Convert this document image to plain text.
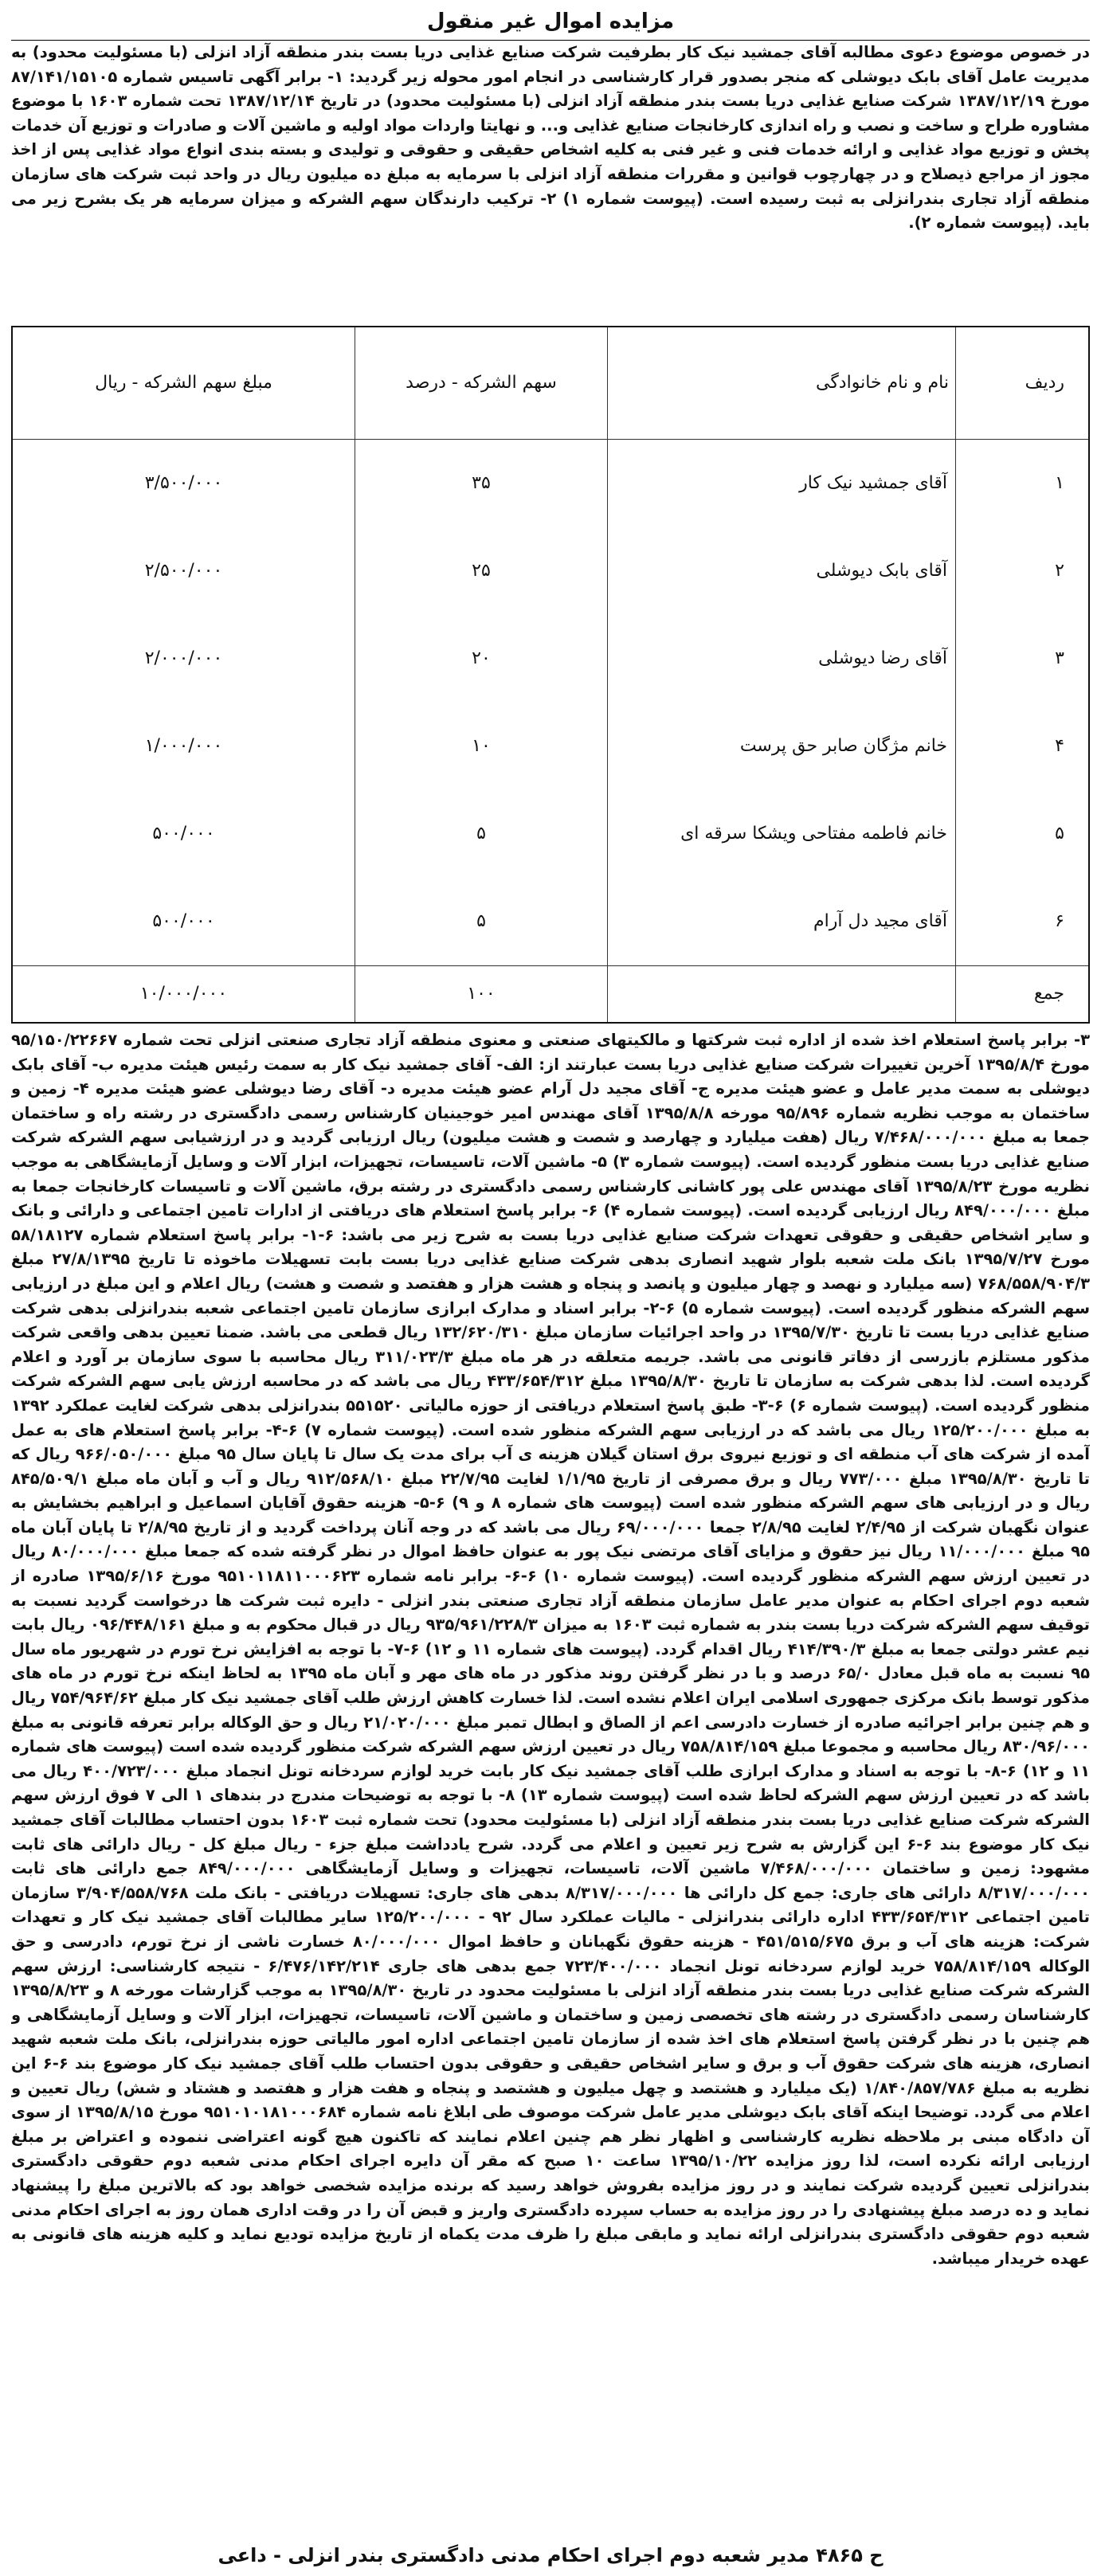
مزایده اموال غیر منقول

در خصوص موضوع دعوی مطالبه آقای جمشید نیک کار بطرفیت شرکت صنایع غذایی دریا بست بندر منطقه آزاد انزلی (با مسئولیت محدود) به مدیریت عامل آقای بابک دیوشلی که منجر بصدور قرار کارشناسی در انجام امور محوله زیر گردید: ۱- برابر آگهی تاسیس شماره ۸۷/۱۴۱/۱۵۱۰۵ مورخ ۱۳۸۷/۱۲/۱۹ شرکت صنایع غذایی دریا بست بندر منطقه آزاد انزلی (با مسئولیت محدود) در تاریخ ۱۳۸۷/۱۲/۱۴ تحت شماره ۱۶۰۳ با موضوع مشاوره طراح و ساخت و نصب و راه اندازی کارخانجات صنایع غذایی و... و نهایتا واردات مواد اولیه و ماشین آلات و صادرات و توزیع آن خدمات پخش و توزیع مواد غذایی و ارائه خدمات فنی و غیر فنی به کلیه اشخاص حقیقی و حقوقی و تولیدی و بسته بندی انواع مواد غذایی پس از اخذ مجوز از مراجع ذیصلاح و در چهارچوب قوانین و مقررات منطقه آزاد انزلی با سرمایه به مبلغ ده میلیون ریال در واحد ثبت شرکت های سازمان منطقه آزاد تجاری بندرانزلی به ثبت رسیده است. (پیوست شماره ۱) ۲- ترکیب دارندگان سهم الشرکه و میزان سرمایه هر یک بشرح زیر می باید. (پیوست شماره ۲).

ردیف	نام و نام خانوادگی	سهم الشرکه - درصد	مبلغ سهم الشرکه - ریال
۱	آقای جمشید نیک کار	۳۵	۳/۵۰۰/۰۰۰
۲	آقای بابک دیوشلی	۲۵	۲/۵۰۰/۰۰۰
۳	آقای رضا دیوشلی	۲۰	۲/۰۰۰/۰۰۰
۴	خانم مژگان صابر حق پرست	۱۰	۱/۰۰۰/۰۰۰
۵	خانم فاطمه مفتاحی ویشکا سرقه ای	۵	۵۰۰/۰۰۰
۶	آقای مجید دل آرام	۵	۵۰۰/۰۰۰
جمع		۱۰۰	۱۰/۰۰۰/۰۰۰

۳- برابر پاسخ استعلام اخذ شده از اداره ثبت شرکتها و مالکیتهای صنعتی و معنوی منطقه آزاد تجاری صنعتی انزلی تحت شماره ۹۵/۱۵۰/۲۲۶۶۷ مورخ ۱۳۹۵/۸/۴ آخرین تغییرات شرکت صنایع غذایی دریا بست عبارتند از: الف- آقای جمشید نیک کار به سمت رئیس هیئت مدیره ب- آقای بابک دیوشلی به سمت مدیر عامل و عضو هیئت مدیره ج- آقای مجید دل آرام عضو هیئت مدیره د- آقای رضا دیوشلی عضو هیئت مدیره ۴- زمین و ساختمان به موجب نظریه شماره ۹۵/۸۹۶ مورخه ۱۳۹۵/۸/۸ آقای مهندس امیر خوجینیان کارشناس رسمی دادگستری در رشته راه و ساختمان جمعا به مبلغ ۷/۴۶۸/۰۰۰/۰۰۰ ریال (هفت میلیارد و چهارصد و شصت و هشت میلیون) ریال ارزیابی گردید و در ارزشیابی سهم الشرکه شرکت صنایع غذایی دریا بست منظور گردیده است. (پیوست شماره ۳) ۵- ماشین آلات، تاسیسات، تجهیزات، ابزار آلات و وسایل آزمایشگاهی به موجب نظریه مورخ ۱۳۹۵/۸/۲۳ آقای مهندس علی پور کاشانی کارشناس رسمی دادگستری در رشته برق، ماشین آلات و تاسیسات کارخانجات جمعا به مبلغ ۸۴۹/۰۰۰/۰۰۰ ریال ارزیابی گردیده است. (پیوست شماره ۴) ۶- برابر پاسخ استعلام های دریافتی از ادارات تامین اجتماعی و دارائی و بانک و سایر اشخاص حقیقی و حقوقی تعهدات شرکت صنایع غذایی دریا بست به شرح زیر می باشد: ۶-۱- برابر پاسخ استعلام شماره ۵۸/۱۸۱۲۷ مورخ ۱۳۹۵/۷/۲۷ بانک ملت شعبه بلوار شهید انصاری بدهی شرکت صنایع غذایی دریا بست بابت تسهیلات ماخوذه تا تاریخ ۲۷/۸/۱۳۹۵ مبلغ ۷۶۸/۵۵۸/۹۰۴/۳ (سه میلیارد و نهصد و چهار میلیون و پانصد و پنجاه و هشت هزار و هفتصد و شصت و هشت) ریال اعلام و این مبلغ در ارزیابی سهم الشرکه منظور گردیده است. (پیوست شماره ۵) ۶-۲- برابر اسناد و مدارک ابرازی سازمان تامین اجتماعی شعبه بندرانزلی بدهی شرکت صنایع غذایی دریا بست تا تاریخ ۱۳۹۵/۷/۳۰ در واحد اجرائیات سازمان مبلغ ۱۳۲/۶۲۰/۳۱۰ ریال قطعی می باشد. ضمنا تعیین بدهی واقعی شرکت مذکور مستلزم بازرسی از دفاتر قانونی می باشد. جریمه متعلقه در هر ماه مبلغ ۳۱۱/۰۲۳/۳ ریال محاسبه با سوی سازمان بر آورد و اعلام گردیده است. لذا بدهی شرکت به سازمان تا تاریخ ۱۳۹۵/۸/۳۰ مبلغ ۴۳۳/۶۵۴/۳۱۲ ریال می باشد که در محاسبه ارزش یابی سهم الشرکه شرکت منظور گردیده است. (پیوست شماره ۶) ۶-۳- طبق پاسخ استعلام دریافتی از حوزه مالیاتی ۵۵۱۵۲۰ بندرانزلی بدهی شرکت لغایت عملکرد ۱۳۹۲ به مبلغ ۱۲۵/۲۰۰/۰۰۰ ریال می باشد که در ارزیابی سهم الشرکه منظور شده است. (پیوست شماره ۷) ۶-۴- برابر پاسخ استعلام های به عمل آمده از شرکت های آب منطقه ای و توزیع نیروی برق استان گیلان هزینه ی آب برای مدت یک سال تا پایان سال ۹۵ مبلغ ۹۶۶/۰۵۰/۰۰۰ ریال که تا تاریخ ۱۳۹۵/۸/۳۰ مبلغ ۷۷۳/۰۰۰ ریال و برق مصرفی از تاریخ ۱/۱/۹۵ لغایت ۲۲/۷/۹۵ مبلغ ۹۱۲/۵۶۸/۱۰ ریال و آب و آبان ماه مبلغ ۸۴۵/۵۰۹/۱ ریال و در ارزیابی های سهم الشرکه منظور شده است (پیوست های شماره ۸ و ۹) ۶-۵- هزینه حقوق آقایان اسماعیل و ابراهیم بخشایش به عنوان نگهبان شرکت از ۲/۴/۹۵ لغایت ۲/۸/۹۵ جمعا ۶۹/۰۰۰/۰۰۰ ریال می باشد که در وجه آنان پرداخت گردید و از تاریخ ۲/۸/۹۵ تا پایان آبان ماه ۹۵ مبلغ ۱۱/۰۰۰/۰۰۰ ریال نیز حقوق و مزایای آقای مرتضی نیک پور به عنوان حافظ اموال در نظر گرفته شده که جمعا مبلغ ۸۰/۰۰۰/۰۰۰ ریال در تعیین ارزش سهم الشرکه منظور گردیده است. (پیوست شماره ۱۰) ۶-۶- برابر نامه شماره ۹۵۱۰۱۱۸۱۱۰۰۰۶۲۳ مورخ ۱۳۹۵/۶/۱۶ صادره از شعبه دوم اجرای احکام به عنوان مدیر عامل سازمان منطقه آزاد تجاری صنعتی بندر انزلی - دایره ثبت شرکت ها درخواست گردید نسبت به توقیف سهم الشرکه شرکت دریا بست بندر به شماره ثبت ۱۶۰۳ به میزان ۹۳۵/۹۶۱/۲۲۸/۳ ریال در قبال محکوم به و مبلغ ۰۹۶/۴۴۸/۱۶۱ ریال بابت نیم عشر دولتی جمعا به مبلغ ۴۱۴/۳۹۰/۳ ریال اقدام گردد. (پیوست های شماره ۱۱ و ۱۲) ۶-۷- با توجه به افزایش نرخ تورم در شهریور ماه سال ۹۵ نسبت به ماه قبل معادل ۶۵/۰ درصد و با در نظر گرفتن روند مذکور در ماه های مهر و آبان ماه ۱۳۹۵ به لحاظ اینکه نرخ تورم در ماه های مذکور توسط بانک مرکزی جمهوری اسلامی ایران اعلام نشده است. لذا خسارت کاهش ارزش طلب آقای جمشید نیک کار مبلغ ۷۵۴/۹۶۴/۶۲ ریال و هم چنین برابر اجرائیه صادره از خسارت دادرسی اعم از الصاق و ابطال تمبر مبلغ ۲۱/۰۲۰/۰۰۰ ریال و حق الوکاله برابر تعرفه قانونی به مبلغ ۸۳۰/۹۶/۰۰۰ ریال محاسبه و مجموعا مبلغ ۷۵۸/۸۱۴/۱۵۹ ریال در تعیین ارزش سهم الشرکه شرکت منظور گردیده شده است (پیوست های شماره ۱۱ و ۱۲) ۶-۸- با توجه به اسناد و مدارک ابرازی طلب آقای جمشید نیک کار بابت خرید لوازم سردخانه تونل انجماد مبلغ ۴۰۰/۷۲۳/۰۰۰ ریال می باشد که در تعیین ارزش سهم الشرکه لحاظ شده است (پیوست شماره ۱۳) ۸- با توجه به توضیحات مندرج در بندهای ۱ الی ۷ فوق ارزش سهم الشرکه شرکت صنایع غذایی دریا بست بندر منطقه آزاد انزلی (با مسئولیت محدود) تحت شماره ثبت ۱۶۰۳ بدون احتساب مطالبات آقای جمشید نیک کار موضوع بند ۶-۶ این گزارش به شرح زیر تعیین و اعلام می گردد. شرح یادداشت مبلغ جزء - ریال مبلغ کل - ریال دارائی های ثابت مشهود: زمین و ساختمان ۷/۴۶۸/۰۰۰/۰۰۰ ماشین آلات، تاسیسات، تجهیزات و وسایل آزمایشگاهی ۸۴۹/۰۰۰/۰۰۰ جمع دارائی های ثابت ۸/۳۱۷/۰۰۰/۰۰۰ دارائی های جاری: جمع کل دارائی ها ۸/۳۱۷/۰۰۰/۰۰۰ بدهی های جاری: تسهیلات دریافتی - بانک ملت ۳/۹۰۴/۵۵۸/۷۶۸ سازمان تامین اجتماعی ۴۳۳/۶۵۴/۳۱۲ اداره دارائی بندرانزلی - مالیات عملکرد سال ۹۲ - ۱۲۵/۲۰۰/۰۰۰ سایر مطالبات آقای جمشید نیک کار و تعهدات شرکت: هزینه های آب و برق ۴۵۱/۵۱۵/۶۷۵ - هزینه حقوق نگهبانان و حافظ اموال ۸۰/۰۰۰/۰۰۰ خسارت ناشی از نرخ تورم، دادرسی و حق الوکاله ۷۵۸/۸۱۴/۱۵۹ خرید لوازم سردخانه تونل انجماد ۷۲۳/۴۰۰/۰۰۰ جمع بدهی های جاری ۶/۴۷۶/۱۴۲/۲۱۴ - نتیجه کارشناسی: ارزش سهم الشرکه شرکت صنایع غذایی دریا بست بندر منطقه آزاد انزلی با مسئولیت محدود در تاریخ ۱۳۹۵/۸/۳۰ به موجب گزارشات مورخه ۸ و ۱۳۹۵/۸/۲۳ کارشناسان رسمی دادگستری در رشته های تخصصی زمین و ساختمان و ماشین آلات، تاسیسات، تجهیزات، ابزار آلات و وسایل آزمایشگاهی و هم چنین با در نظر گرفتن پاسخ استعلام های اخذ شده از سازمان تامین اجتماعی اداره امور مالیاتی حوزه بندرانزلی، بانک ملت شعبه شهید انصاری، هزینه های شرکت حقوق آب و برق و سایر اشخاص حقیقی و حقوقی بدون احتساب طلب آقای جمشید نیک کار موضوع بند ۶-۶ این نظریه به مبلغ ۱/۸۴۰/۸۵۷/۷۸۶ (یک میلیارد و هشتصد و چهل میلیون و هشتصد و پنجاه و هفت هزار و هفتصد و هشتاد و شش) ریال تعیین و اعلام می گردد. توضیحا اینکه آقای بابک دیوشلی مدیر عامل شرکت موصوف طی ابلاغ نامه شماره ۹۵۱۰۱۰۱۸۱۰۰۰۶۸۴ مورخ ۱۳۹۵/۸/۱۵ از سوی آن دادگاه مبنی بر ملاحظه نظریه کارشناسی و اظهار نظر هم چنین اعلام نمایند که تاکنون هیچ گونه اعتراضی ننموده و اعتراض بر مبلغ ارزیابی ارائه نکرده است، لذا روز مزایده ۱۳۹۵/۱۰/۲۲ ساعت ۱۰ صبح که مقر آن دایره اجرای احکام مدنی شعبه دوم حقوقی دادگستری بندرانزلی تعیین گردیده شرکت نمایند و در روز مزایده بفروش خواهد رسید که برنده مزایده شخصی خواهد بود که بالاترین مبلغ را پیشنهاد نماید و ده درصد مبلغ پیشنهادی را در روز مزایده به حساب سپرده دادگستری واریز و قبض آن را در وقت اداری همان روز به اجرای احکام مدنی شعبه دوم حقوقی دادگستری بندرانزلی ارائه نماید و مابقی مبلغ را ظرف مدت یکماه از تاریخ مزایده تودیع نماید و کلیه هزینه های قانونی به عهده خریدار میباشد.

ح ۴۸۶۵ مدیر شعبه دوم اجرای احکام مدنی دادگستری بندر انزلی - داعی
